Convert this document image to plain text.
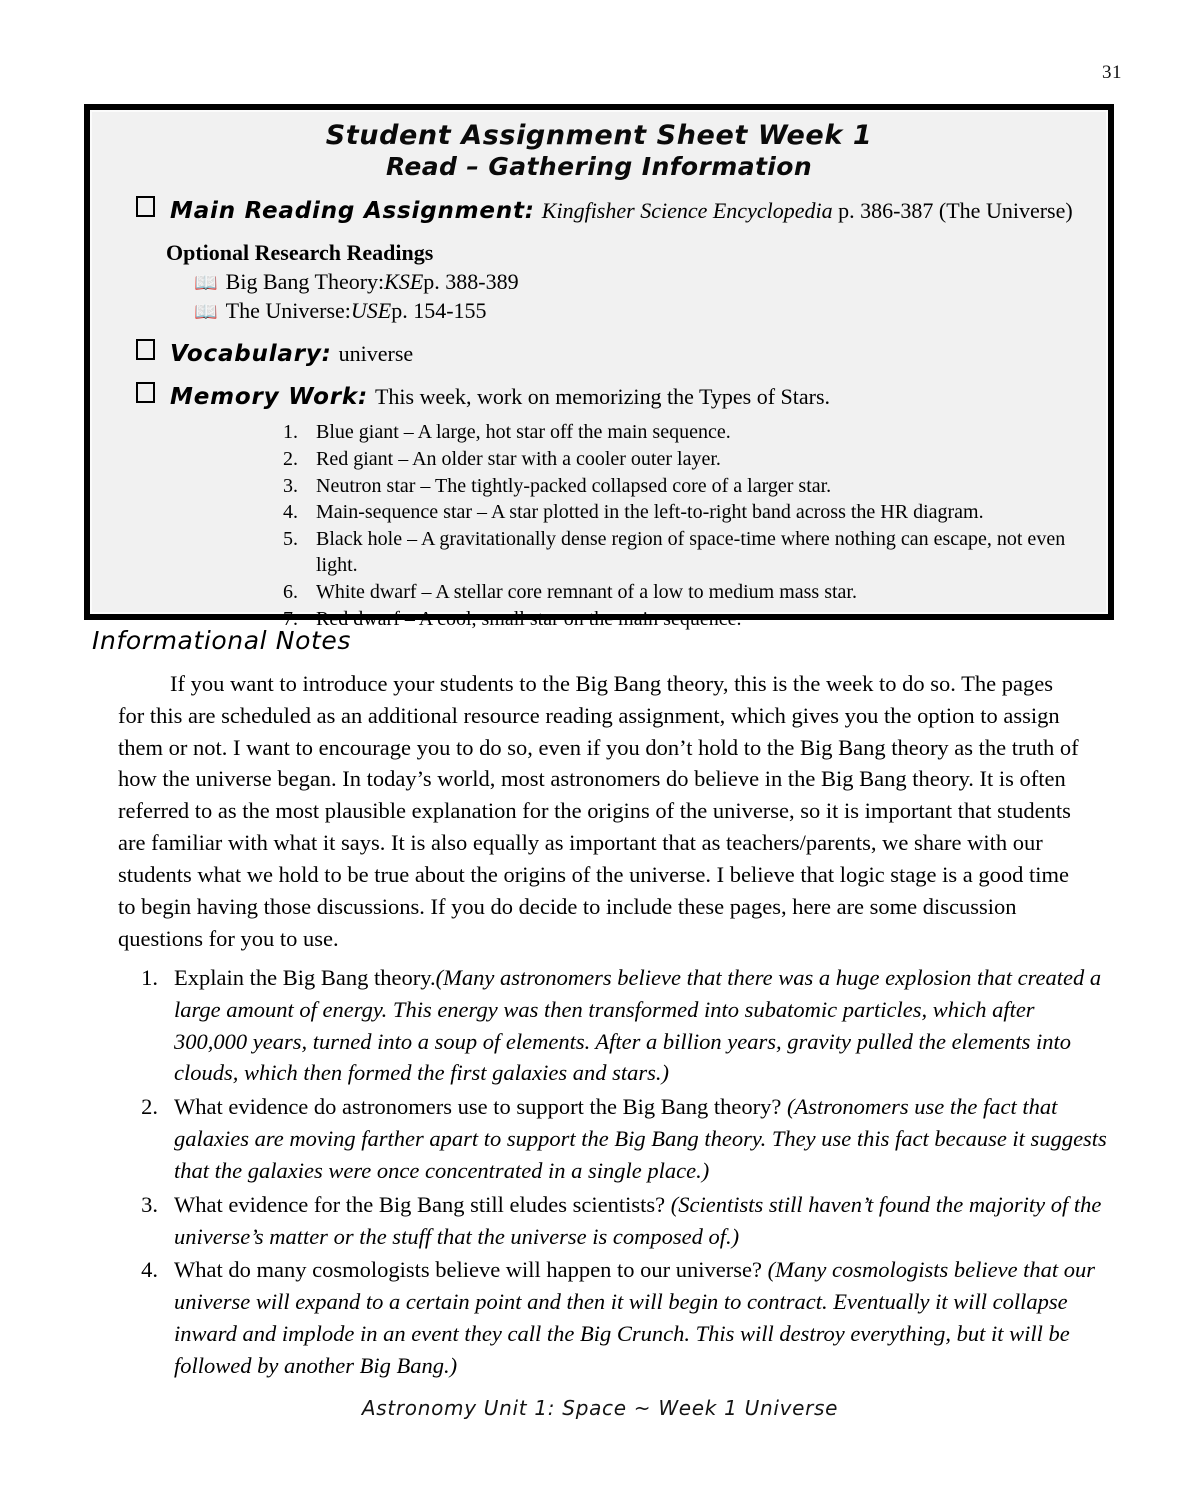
31
Student Assignment Sheet Week 1
Read – Gathering Information
Main Reading Assignment: Kingfisher Science Encyclopedia p. 386-387 (The Universe)
Optional Research Readings
📖 Big Bang Theory: KSE p. 388-389
📖 The Universe: USE p. 154-155
Vocabulary: universe
Memory Work: This week, work on memorizing the Types of Stars.
Blue giant – A large, hot star off the main sequence.
Red giant – An older star with a cooler outer layer.
Neutron star – The tightly-packed collapsed core of a larger star.
Main-sequence star – A star plotted in the left-to-right band across the HR diagram.
Black hole – A gravitationally dense region of space-time where nothing can escape, not even light.
White dwarf – A stellar core remnant of a low to medium mass star.
Red dwarf – A cool, small star on the main sequence.
Informational Notes

If you want to introduce your students to the Big Bang theory, this is the week to do so. The pages for this are scheduled as an additional resource reading assignment, which gives you the option to assign them or not. I want to encourage you to do so, even if you don’t hold to the Big Bang theory as the truth of how the universe began. In today’s world, most astronomers do believe in the Big Bang theory. It is often referred to as the most plausible explanation for the origins of the universe, so it is important that students are familiar with what it says. It is also equally as important that as teachers/parents, we share with our students what we hold to be true about the origins of the universe. I believe that logic stage is a good time to begin having those discussions. If you do decide to include these pages, here are some discussion questions for you to use.

Explain the Big Bang theory.(Many astronomers believe that there was a huge explosion that created a large amount of energy. This energy was then transformed into subatomic particles, which after 300,000 years, turned into a soup of elements. After a billion years, gravity pulled the elements into clouds, which then formed the first galaxies and stars.)
What evidence do astronomers use to support the Big Bang theory? (Astronomers use the fact that galaxies are moving farther apart to support the Big Bang theory. They use this fact because it suggests that the galaxies were once concentrated in a single place.)
What evidence for the Big Bang still eludes scientists? (Scientists still haven’t found the majority of the universe’s matter or the stuff that the universe is composed of.)
What do many cosmologists believe will happen to our universe? (Many cosmologists believe that our universe will expand to a certain point and then it will begin to contract. Eventually it will collapse inward and implode in an event they call the Big Crunch. This will destroy everything, but it will be followed by another Big Bang.)
Astronomy Unit 1: Space ~ Week 1 Universe
